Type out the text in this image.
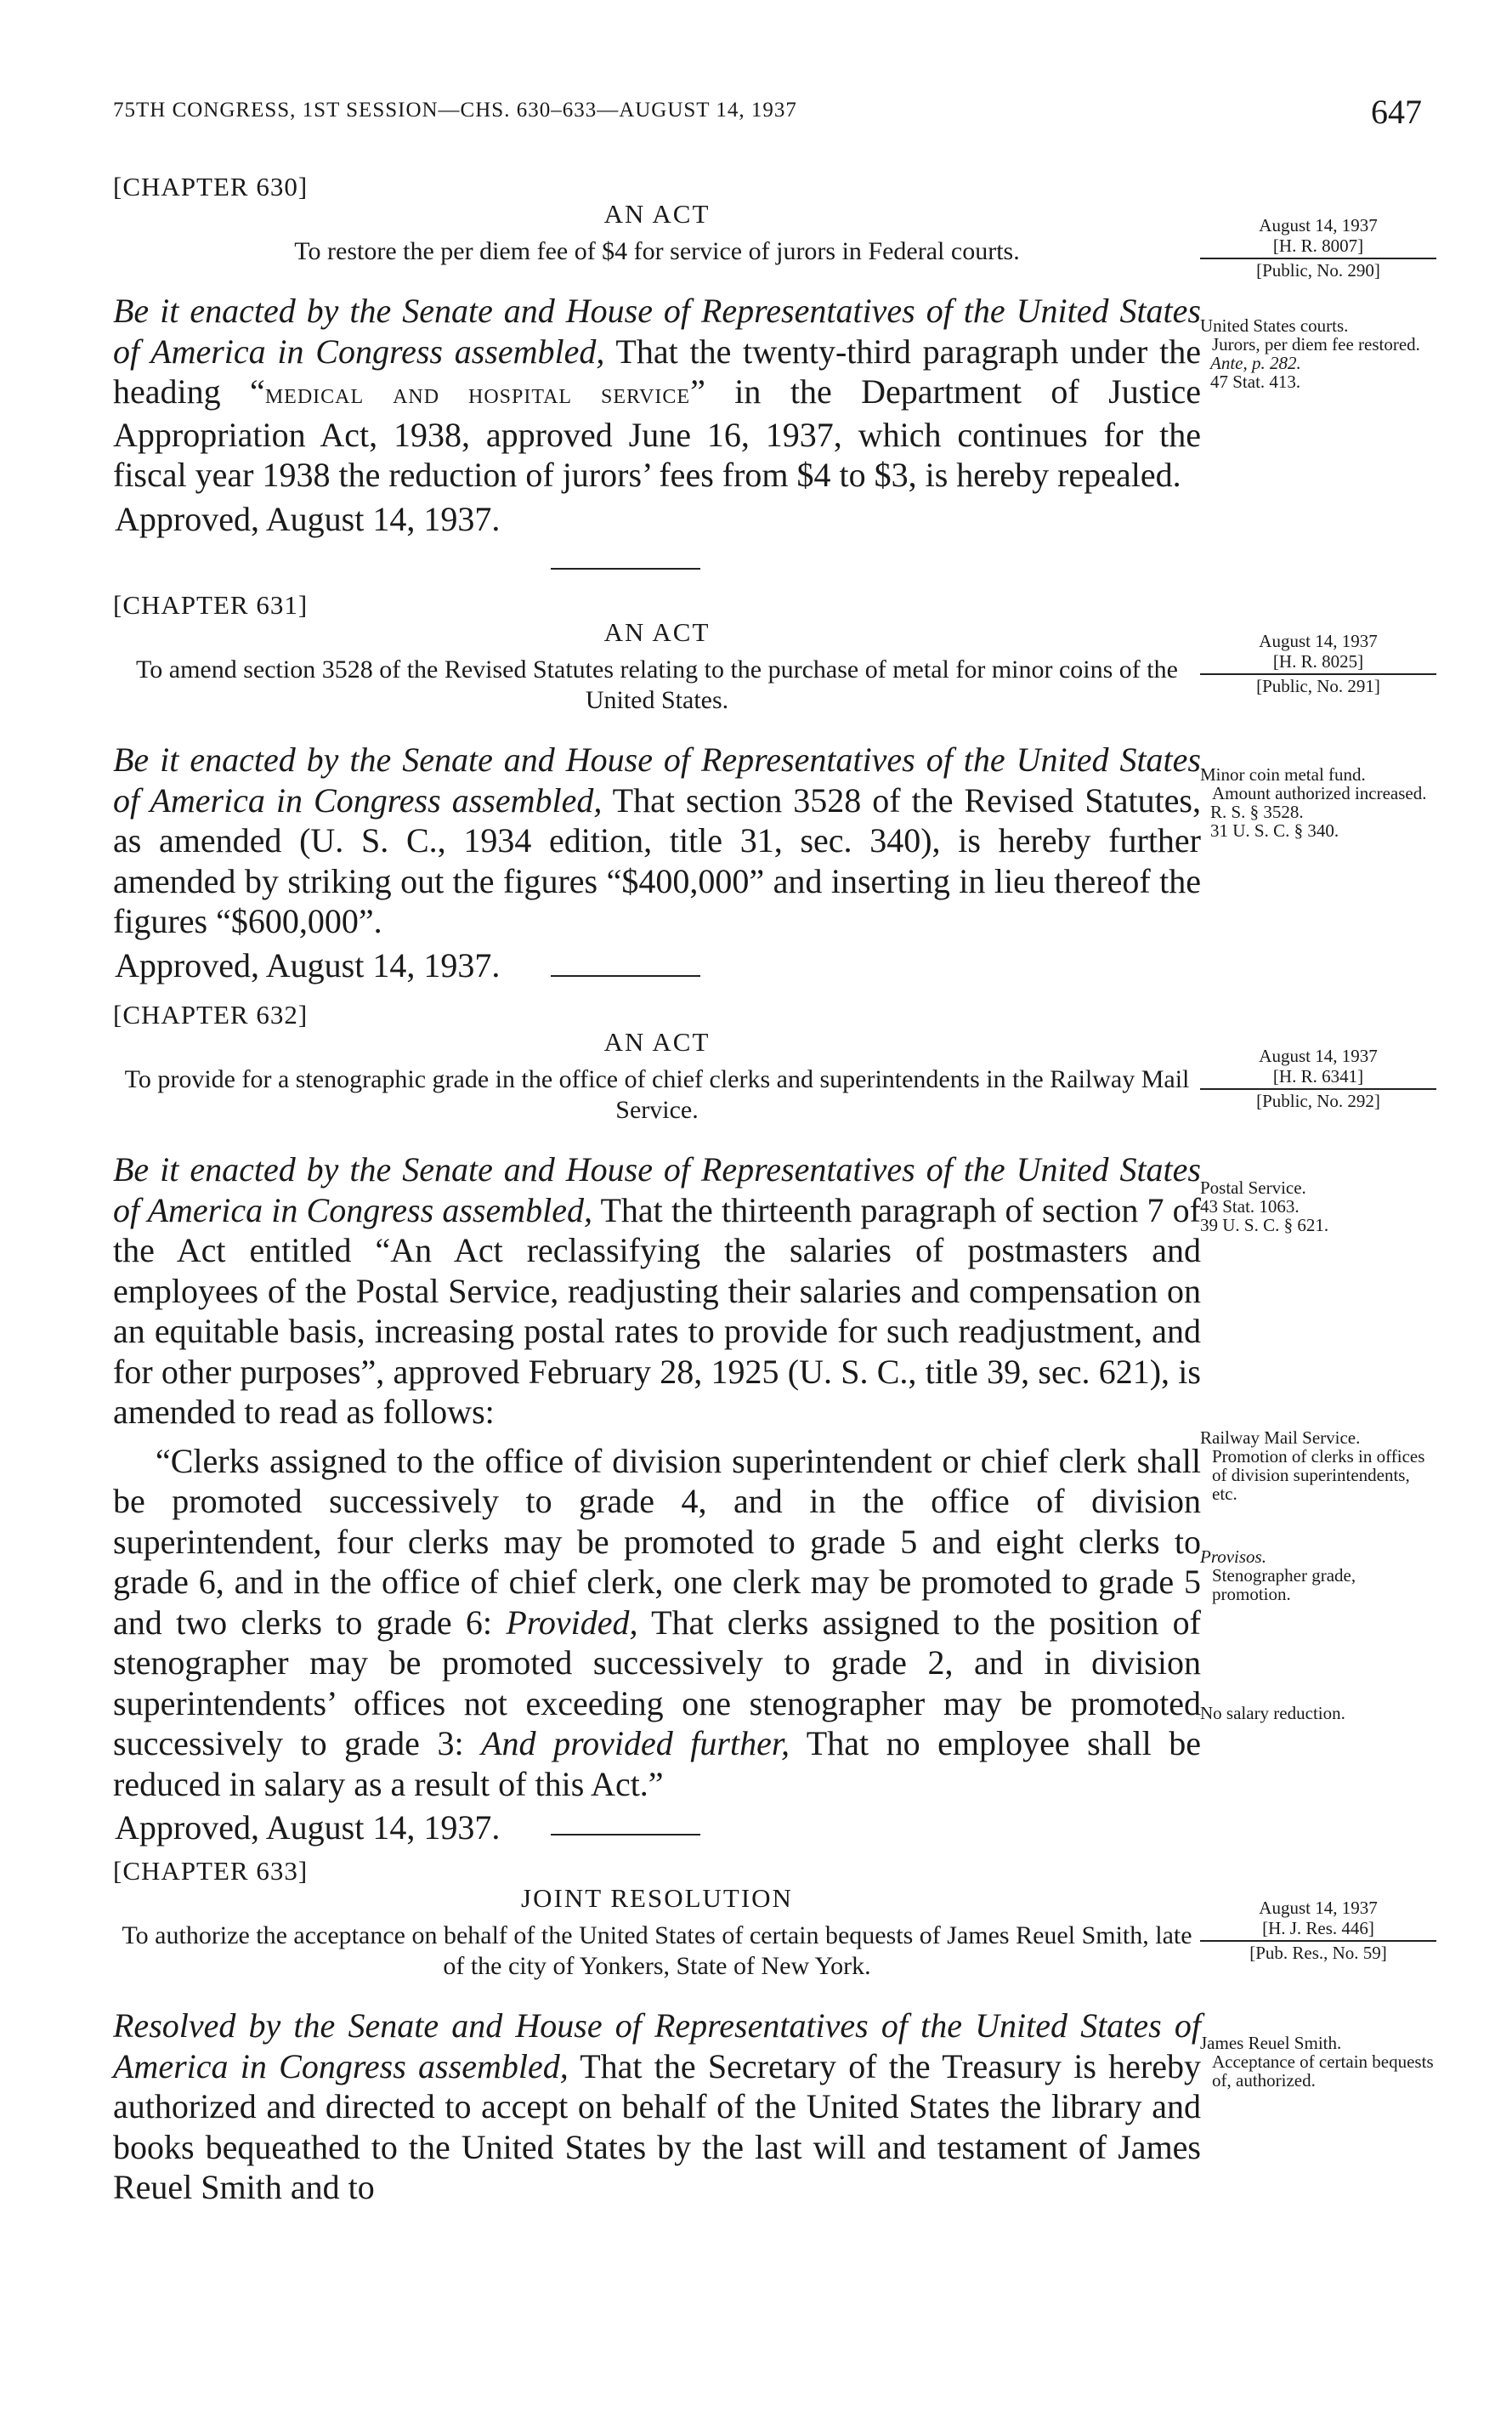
75TH CONGRESS, 1ST SESSION—CHS. 630–633—AUGUST 14, 1937	647
[CHAPTER 630]
AN ACT
To restore the per diem fee of $4 for service of jurors in Federal courts.

Be it enacted by the Senate and House of Representatives of the United States of America in Congress assembled, That the twenty-third paragraph under the heading “medical and hospital service” in the Department of Justice Appropriation Act, 1938, approved June 16, 1937, which continues for the fiscal year 1938 the reduction of jurors’ fees from $4 to $3, is hereby repealed.

Approved, August 14, 1937.
August 14, 1937
[H. R. 8007]
[Public, No. 290]
United States courts.
Jurors, per diem fee restored.
Ante, p. 282.
47 Stat. 413.
[CHAPTER 631]
AN ACT
To amend section 3528 of the Revised Statutes relating to the purchase of metal for minor coins of the United States.

Be it enacted by the Senate and House of Representatives of the United States of America in Congress assembled, That section 3528 of the Revised Statutes, as amended (U. S. C., 1934 edition, title 31, sec. 340), is hereby further amended by striking out the figures “$400,000” and inserting in lieu thereof the figures “$600,000”.

Approved, August 14, 1937.
August 14, 1937
[H. R. 8025]
[Public, No. 291]
Minor coin metal fund.
Amount authorized increased.
R. S. § 3528.
31 U. S. C. § 340.
[CHAPTER 632]
AN ACT
To provide for a stenographic grade in the office of chief clerks and superintendents in the Railway Mail Service.

Be it enacted by the Senate and House of Representatives of the United States of America in Congress assembled, That the thirteenth paragraph of section 7 of the Act entitled “An Act reclassifying the salaries of postmasters and employees of the Postal Service, readjusting their salaries and compensation on an equitable basis, increasing postal rates to provide for such readjustment, and for other purposes”, approved February 28, 1925 (U. S. C., title 39, sec. 621), is amended to read as follows:

“Clerks assigned to the office of division superintendent or chief clerk shall be promoted successively to grade 4, and in the office of division superintendent, four clerks may be promoted to grade 5 and eight clerks to grade 6, and in the office of chief clerk, one clerk may be promoted to grade 5 and two clerks to grade 6: Provided, That clerks assigned to the position of stenographer may be promoted successively to grade 2, and in division superintendents’ offices not exceeding one stenographer may be promoted successively to grade 3: And provided further, That no employee shall be reduced in salary as a result of this Act.”

Approved, August 14, 1937.
August 14, 1937
[H. R. 6341]
[Public, No. 292]
Postal Service.
43 Stat. 1063.
39 U. S. C. § 621.
Railway Mail Service.
Promotion of clerks in offices of division superintendents, etc.
Provisos.
Stenographer grade, promotion.
No salary reduction.
[CHAPTER 633]
JOINT RESOLUTION
To authorize the acceptance on behalf of the United States of certain bequests of James Reuel Smith, late of the city of Yonkers, State of New York.

Resolved by the Senate and House of Representatives of the United States of America in Congress assembled, That the Secretary of the Treasury is hereby authorized and directed to accept on behalf of the United States the library and books bequeathed to the United States by the last will and testament of James Reuel Smith and to

August 14, 1937
[H. J. Res. 446]
[Pub. Res., No. 59]
James Reuel Smith.
Acceptance of certain bequests of, authorized.
